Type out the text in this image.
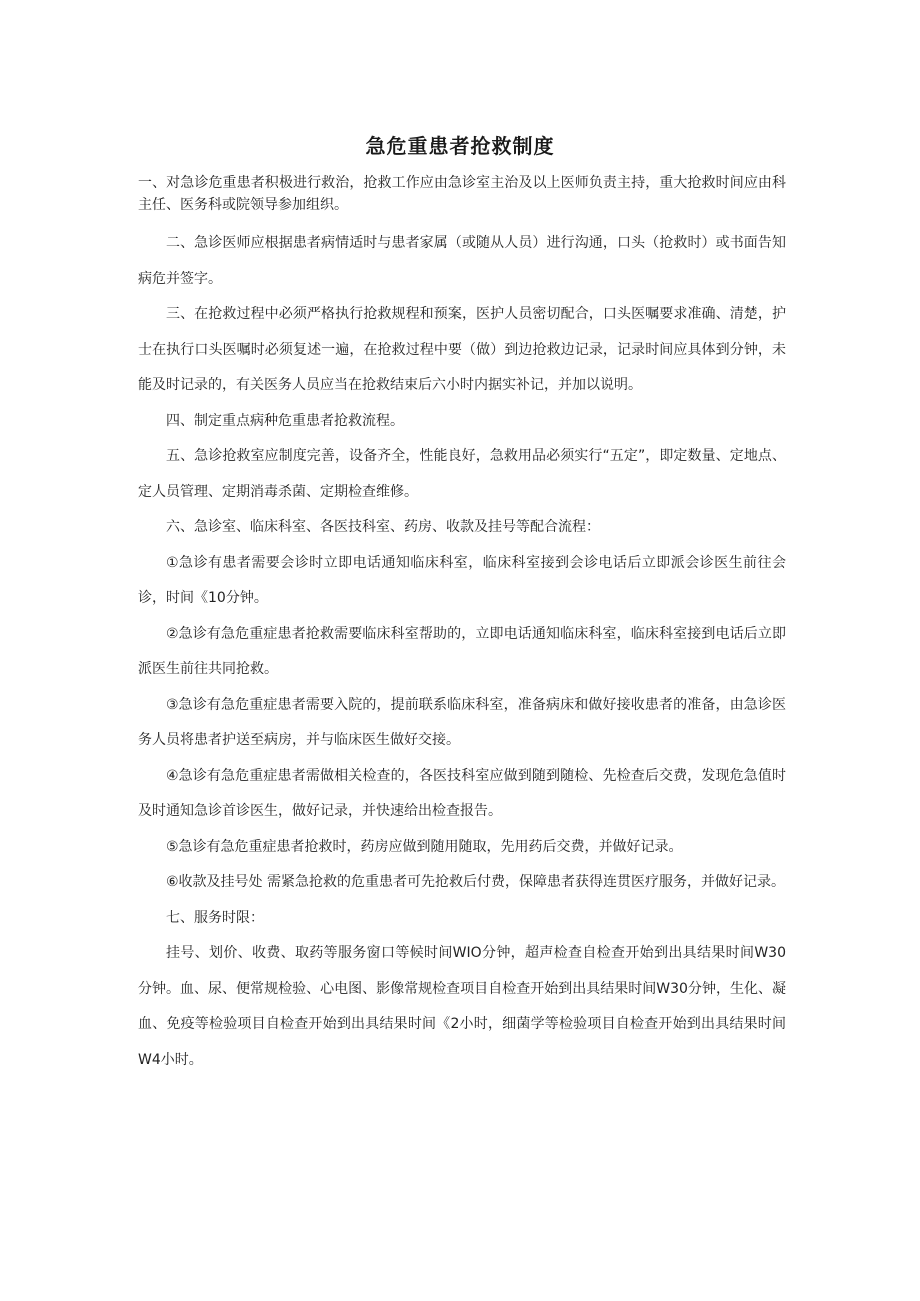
急危重患者抢救制度

一、对急诊危重患者积极进行救治，抢救工作应由急诊室主治及以上医师负责主持，重大抢救时间应由科主任、医务科或院领导参加组织。

二、急诊医师应根据患者病情适时与患者家属（或随从人员）进行沟通，口头（抢救时）或书面告知病危并签字。

三、在抢救过程中必须严格执行抢救规程和预案，医护人员密切配合，口头医嘱要求准确、清楚，护士在执行口头医嘱时必须复述一遍，在抢救过程中要（做）到边抢救边记录，记录时间应具体到分钟，未能及时记录的，有关医务人员应当在抢救结束后六小时内据实补记，并加以说明。

四、制定重点病种危重患者抢救流程。

五、急诊抢救室应制度完善，设备齐全，性能良好，急救用品必须实行“五定”，即定数量、定地点、定人员管理、定期消毒杀菌、定期检查维修。

六、急诊室、临床科室、各医技科室、药房、收款及挂号等配合流程：

①急诊有患者需要会诊时立即电话通知临床科室，临床科室接到会诊电话后立即派会诊医生前往会诊，时间《10分钟。

②急诊有急危重症患者抢救需要临床科室帮助的，立即电话通知临床科室，临床科室接到电话后立即派医生前往共同抢救。

③急诊有急危重症患者需要入院的，提前联系临床科室，准备病床和做好接收患者的准备，由急诊医务人员将患者护送至病房，并与临床医生做好交接。

④急诊有急危重症患者需做相关检查的，各医技科室应做到随到随检、先检查后交费，发现危急值时及时通知急诊首诊医生，做好记录，并快速给出检查报告。

⑤急诊有急危重症患者抢救时，药房应做到随用随取，先用药后交费，并做好记录。

⑥收款及挂号处 需紧急抢救的危重患者可先抢救后付费，保障患者获得连贯医疗服务，并做好记录。

七、服务时限：

挂号、划价、收费、取药等服务窗口等候时间WIO分钟，超声检查自检查开始到出具结果时间W30分钟。血、尿、便常规检验、心电图、影像常规检查项目自检查开始到出具结果时间W30分钟，生化、凝血、免疫等检验项目自检查开始到出具结果时间《2小时，细菌学等检验项目自检查开始到出具结果时间W4小时。
